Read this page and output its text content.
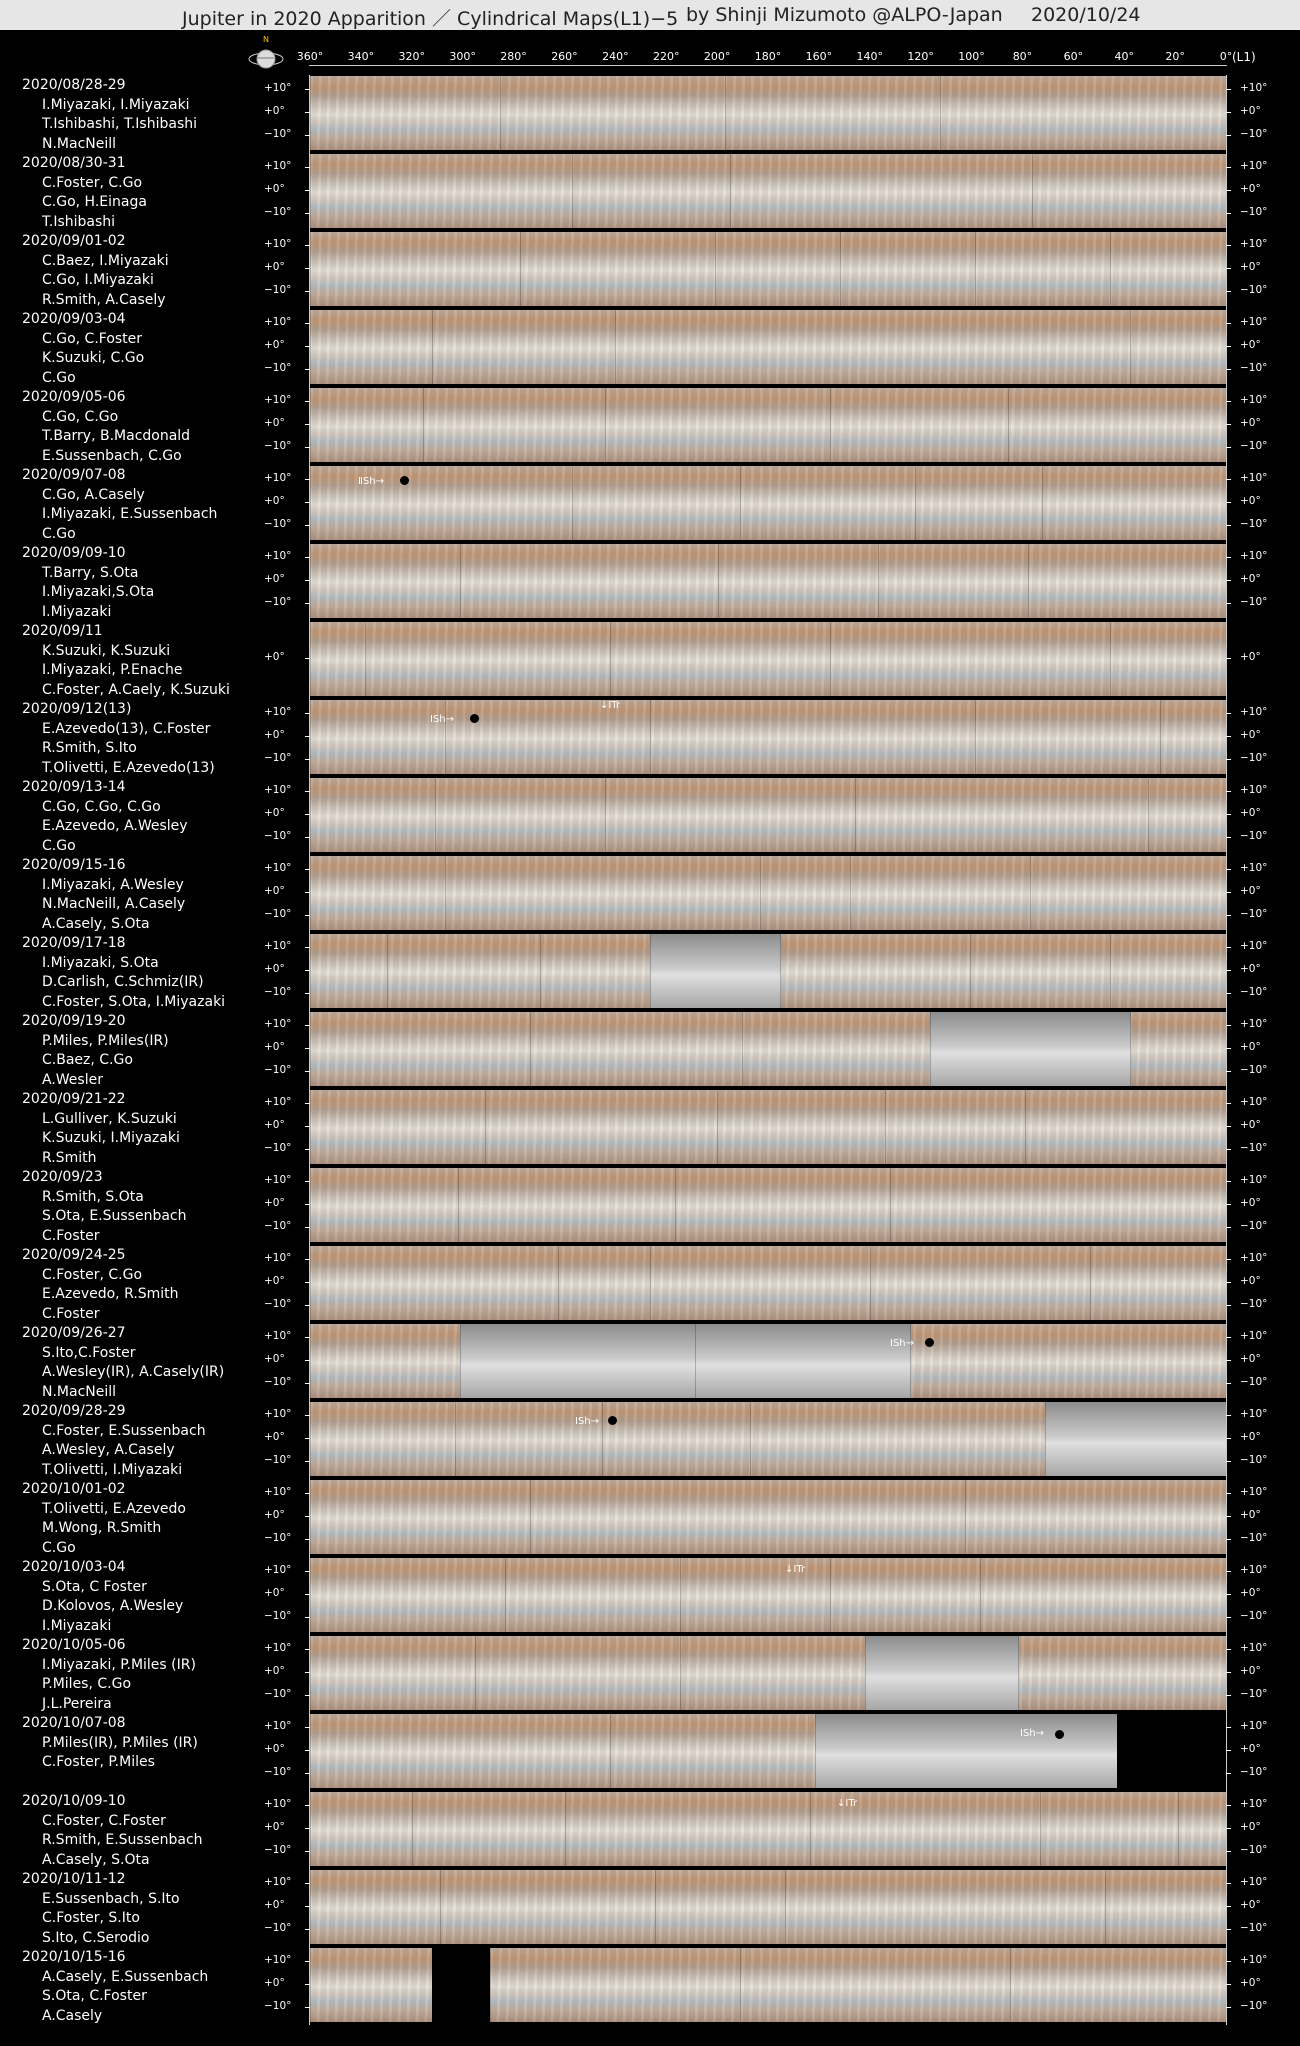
Jupiter in 2020 Apparition ／ Cylindrical Maps(L1)−5 by Shinji Mizumoto @ALPO-Japan 2020/10/24
N
360° 340° 320° 300° 280° 260° 240° 220° 200° 180° 160° 140° 120° 100°	80°	60°	40°	20°	0° (L1)
2020/08/28-29
I.Miyazaki, I.Miyazaki
T.Ishibashi, T.Ishibashi
N.MacNeill
+10°	+10°
+0°	+0°
−10°	−10°
2020/08/30-31
C.Foster, C.Go
C.Go, H.Einaga
T.Ishibashi
+10°	+10°
+0°	+0°
−10°	−10°
2020/09/01-02
C.Baez, I.Miyazaki
C.Go, I.Miyazaki
R.Smith, A.Casely
+10°	+10°
+0°	+0°
−10°	−10°
2020/09/03-04
C.Go, C.Foster
K.Suzuki, C.Go
C.Go
+10°	+10°
+0°	+0°
−10°	−10°
2020/09/05-06
C.Go, C.Go
T.Barry, B.Macdonald
E.Sussenbach, C.Go
+10°	+10°
+0°	+0°
−10°	−10°
2020/09/07-08
C.Go, A.Casely
I.Miyazaki, E.Sussenbach
C.Go
ⅡSh→
+10°	+10°
+0°	+0°
−10°	−10°
2020/09/09-10
T.Barry, S.Ota
I.Miyazaki,S.Ota
I.Miyazaki
+10°	+10°
+0°	+0°
−10°	−10°
2020/09/11
K.Suzuki, K.Suzuki
I.Miyazaki, P.Enache
C.Foster, A.Caely, K.Suzuki
+0°	+0°
2020/09/12(13)
E.Azevedo(13), C.Foster
R.Smith, S.Ito
T.Olivetti, E.Azevedo(13)
ⅠSh→
↓ⅠTr
+10°	+10°
+0°	+0°
−10°	−10°
2020/09/13-14
C.Go, C.Go, C.Go
E.Azevedo, A.Wesley
C.Go
+10°	+10°
+0°	+0°
−10°	−10°
2020/09/15-16
I.Miyazaki, A.Wesley
N.MacNeill, A.Casely
A.Casely, S.Ota
+10°	+10°
+0°	+0°
−10°	−10°
2020/09/17-18
I.Miyazaki, S.Ota
D.Carlish, C.Schmiz(IR)
C.Foster, S.Ota, I.Miyazaki
+10°	+10°
+0°	+0°
−10°	−10°
2020/09/19-20
P.Miles, P.Miles(IR)
C.Baez, C.Go
A.Wesler
+10°	+10°
+0°	+0°
−10°	−10°
2020/09/21-22
L.Gulliver, K.Suzuki
K.Suzuki, I.Miyazaki
R.Smith
+10°	+10°
+0°	+0°
−10°	−10°
2020/09/23
R.Smith, S.Ota
S.Ota, E.Sussenbach
C.Foster
+10°	+10°
+0°	+0°
−10°	−10°
2020/09/24-25
C.Foster, C.Go
E.Azevedo, R.Smith
C.Foster
+10°	+10°
+0°	+0°
−10°	−10°
2020/09/26-27
S.Ito,C.Foster
A.Wesley(IR), A.Casely(IR)
N.MacNeill
ⅠSh→
+10°	+10°
+0°	+0°
−10°	−10°
2020/09/28-29
C.Foster, E.Sussenbach
A.Wesley, A.Casely
T.Olivetti, I.Miyazaki
ⅠSh→
+10°	+10°
+0°	+0°
−10°	−10°
2020/10/01-02
T.Olivetti, E.Azevedo
M.Wong, R.Smith
C.Go
+10°	+10°
+0°	+0°
−10°	−10°
2020/10/03-04
S.Ota, C Foster
D.Kolovos, A.Wesley
I.Miyazaki
↓ⅠTr
+10°	+10°
+0°	+0°
−10°	−10°
2020/10/05-06
I.Miyazaki, P.Miles (IR)
P.Miles, C.Go
J.L.Pereira
+10°	+10°
+0°	+0°
−10°	−10°
2020/10/07-08
P.Miles(IR), P.Miles (IR)
C.Foster, P.Miles
ⅠSh→
+10°	+10°
+0°	+0°
−10°	−10°
2020/10/09-10
C.Foster, C.Foster
R.Smith, E.Sussenbach
A.Casely, S.Ota
↓ⅠTr
+10°	+10°
+0°	+0°
−10°	−10°
2020/10/11-12
E.Sussenbach, S.Ito
C.Foster, S.Ito
S.Ito, C.Serodio
+10°	+10°
+0°	+0°
−10°	−10°
2020/10/15-16
A.Casely, E.Sussenbach
S.Ota, C.Foster
A.Casely
+10°	+10°
+0°	+0°
−10°	−10°
